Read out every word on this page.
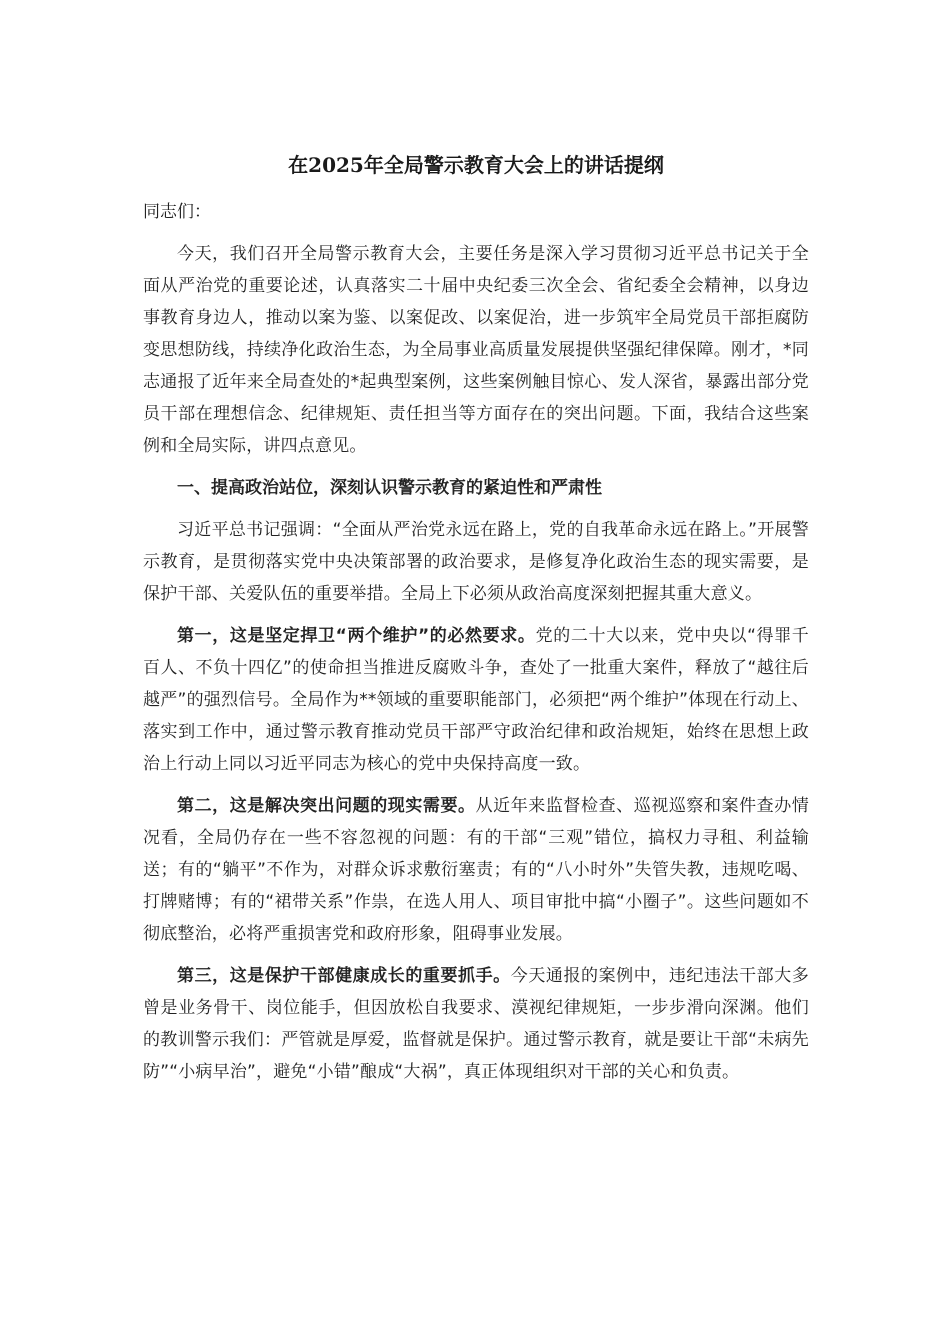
在2025年全局警示教育大会上的讲话提纲

同志们：

今天，我们召开全局警示教育大会，主要任务是深入学习贯彻习近平总书记关于全面从严治党的重要论述，认真落实二十届中央纪委三次全会、省纪委全会精神，以身边事教育身边人，推动以案为鉴、以案促改、以案促治，进一步筑牢全局党员干部拒腐防变思想防线，持续净化政治生态，为全局事业高质量发展提供坚强纪律保障。刚才，*同志通报了近年来全局查处的*起典型案例，这些案例触目惊心、发人深省，暴露出部分党员干部在理想信念、纪律规矩、责任担当等方面存在的突出问题。下面，我结合这些案例和全局实际，讲四点意见。

一、提高政治站位，深刻认识警示教育的紧迫性和严肃性

习近平总书记强调：“全面从严治党永远在路上，党的自我革命永远在路上。”开展警示教育，是贯彻落实党中央决策部署的政治要求，是修复净化政治生态的现实需要，是保护干部、关爱队伍的重要举措。全局上下必须从政治高度深刻把握其重大意义。

第一，这是坚定捍卫“两个维护”的必然要求。党的二十大以来，党中央以“得罪千百人、不负十四亿”的使命担当推进反腐败斗争，查处了一批重大案件，释放了“越往后越严”的强烈信号。全局作为**领域的重要职能部门，必须把“两个维护”体现在行动上、落实到工作中，通过警示教育推动党员干部严守政治纪律和政治规矩，始终在思想上政治上行动上同以习近平同志为核心的党中央保持高度一致。

第二，这是解决突出问题的现实需要。从近年来监督检查、巡视巡察和案件查办情况看，全局仍存在一些不容忽视的问题：有的干部“三观”错位，搞权力寻租、利益输送；有的“躺平”不作为，对群众诉求敷衍塞责；有的“八小时外”失管失教，违规吃喝、打牌赌博；有的“裙带关系”作祟，在选人用人、项目审批中搞“小圈子”。这些问题如不彻底整治，必将严重损害党和政府形象，阻碍事业发展。

第三，这是保护干部健康成长的重要抓手。今天通报的案例中，违纪违法干部大多曾是业务骨干、岗位能手，但因放松自我要求、漠视纪律规矩，一步步滑向深渊。他们的教训警示我们：严管就是厚爱，监督就是保护。通过警示教育，就是要让干部“未病先防”“小病早治”，避免“小错”酿成“大祸”，真正体现组织对干部的关心和负责。
